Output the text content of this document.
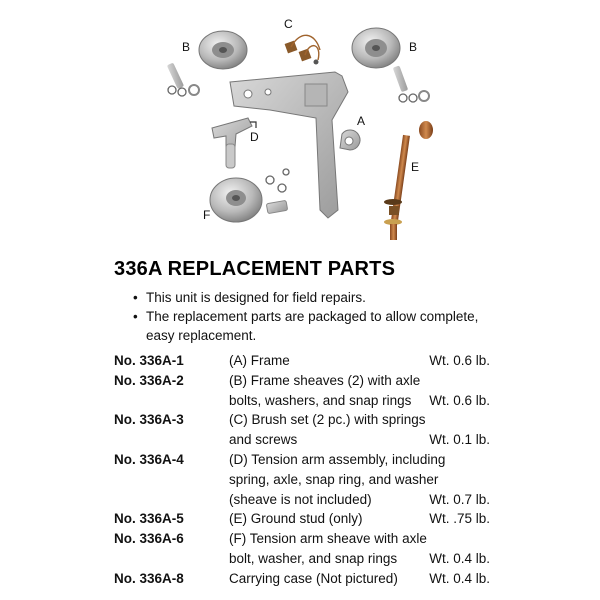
A
B	B
C
D
E
F
336A REPLACEMENT PARTS
• This unit is designed for field repairs.
• The replacement parts are packaged to allow complete, easy replacement.
No. 336A-1	(A) Frame	Wt. 0.6 lb.
No. 336A-2	(B) Frame sheaves (2) with axle
bolts, washers, and snap rings Wt. 0.6 lb.
No. 336A-3	(C) Brush set (2 pc.) with springs
and screws	Wt. 0.1 lb.
No. 336A-4	(D) Tension arm assembly, including
spring, axle, snap ring, and washer
(sheave is not included)	Wt. 0.7 lb.
No. 336A-5	(E) Ground stud (only)	Wt. .75 lb.
No. 336A-6	(F) Tension arm sheave with axle
bolt, washer, and snap rings Wt. 0.4 lb.
No. 336A-8	Carrying case (Not pictured) Wt. 0.4 lb.
